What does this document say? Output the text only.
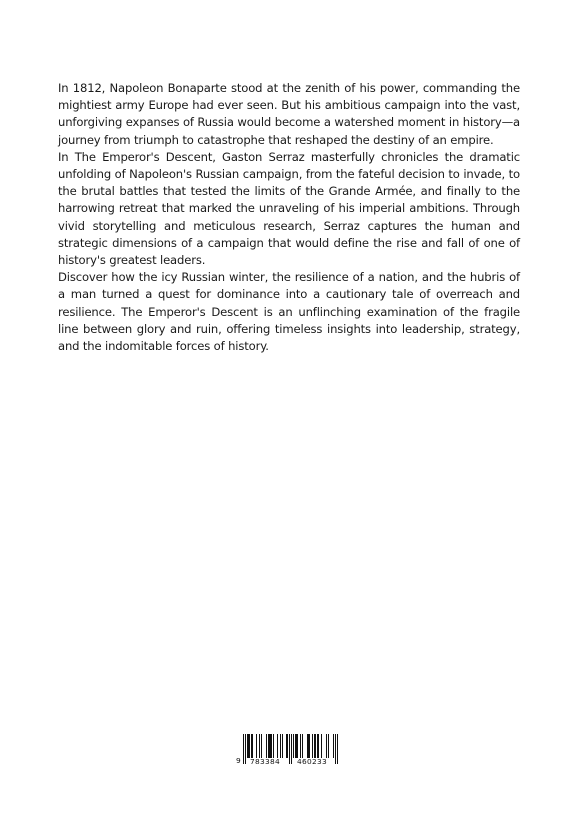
In 1812, Napoleon Bonaparte stood at the zenith of his power, commanding the mightiest army Europe had ever seen. But his ambitious campaign into the vast, unforgiving expanses of Russia would become a watershed moment in history—a journey from triumph to catastrophe that reshaped the destiny of an empire.

In The Emperor's Descent, Gaston Serraz masterfully chronicles the dramatic unfolding of Napoleon's Russian campaign, from the fateful decision to invade, to the brutal battles that tested the limits of the Grande Armée, and finally to the harrowing retreat that marked the unraveling of his imperial ambitions. Through vivid storytelling and meticulous research, Serraz captures the human and strategic dimensions of a campaign that would define the rise and fall of one of history's greatest leaders.

Discover how the icy Russian winter, the resilience of a nation, and the hubris of a man turned a quest for dominance into a cautionary tale of overreach and resilience. The Emperor's Descent is an unflinching examination of the fragile line between glory and ruin, offering timeless insights into leadership, strategy, and the indomitable forces of history.

9 783384 460233
